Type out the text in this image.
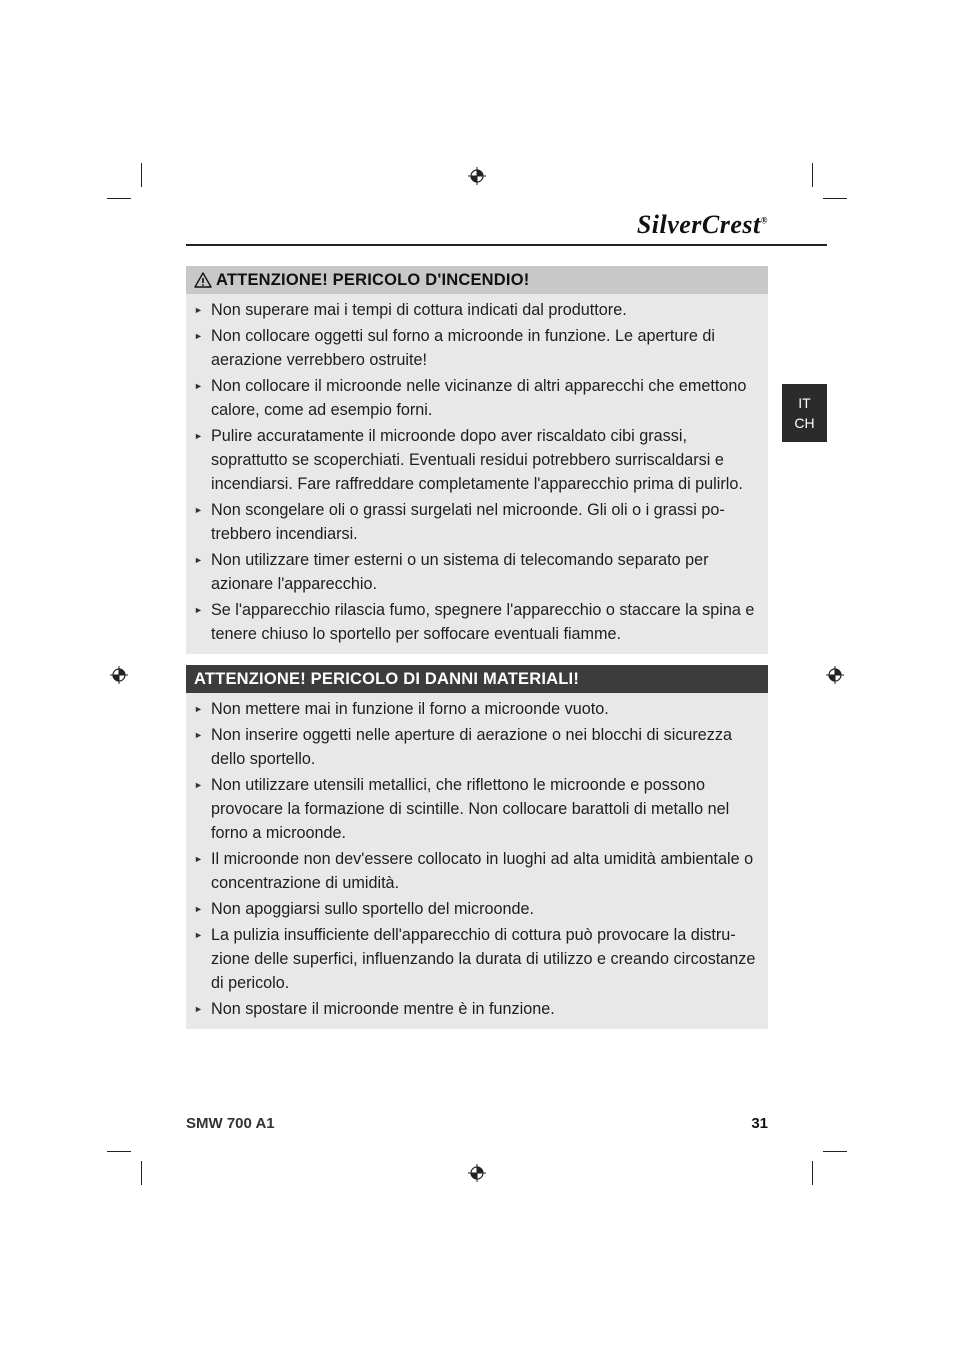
SilverCrest®
IT
CH
ATTENZIONE! PERICOLO D'INCENDIO!
► Non superare mai i tempi di cottura indicati dal produttore.
► Non collocare oggetti sul forno a microonde in funzione. Le aperture di aerazione verrebbero ostruite!
► Non collocare il microonde nelle vicinanze di altri apparecchi che emettono calore, come ad esempio forni.
► Pulire accuratamente il microonde dopo aver riscaldato cibi grassi, soprattutto se scoperchiati. Eventuali residui potrebbero surriscaldarsi e incendiarsi. Fare raffreddare completamente l'apparecchio prima di pulirlo.
► Non scongelare oli o grassi surgelati nel microonde. Gli oli o i grassi po-trebbero incendiarsi.
► Non utilizzare timer esterni o un sistema di telecomando separato per azionare l'apparecchio.
► Se l'apparecchio rilascia fumo, spegnere l'apparecchio o staccare la spina e tenere chiuso lo sportello per soffocare eventuali fiamme.
ATTENZIONE! PERICOLO DI DANNI MATERIALI!
► Non mettere mai in funzione il forno a microonde vuoto.
► Non inserire oggetti nelle aperture di aerazione o nei blocchi di sicurezza dello sportello.
► Non utilizzare utensili metallici, che riflettono le microonde e possono provocare la formazione di scintille. Non collocare barattoli di metallo nel forno a microonde.
► Il microonde non dev'essere collocato in luoghi ad alta umidità ambientale o concentrazione di umidità.
► Non apoggiarsi sullo sportello del microonde.
► La pulizia insufficiente dell'apparecchio di cottura può provocare la distru-zione delle superfici, influenzando la durata di utilizzo e creando circostanze di pericolo.
► Non spostare il microonde mentre è in funzione.
SMW 700 A1	31
